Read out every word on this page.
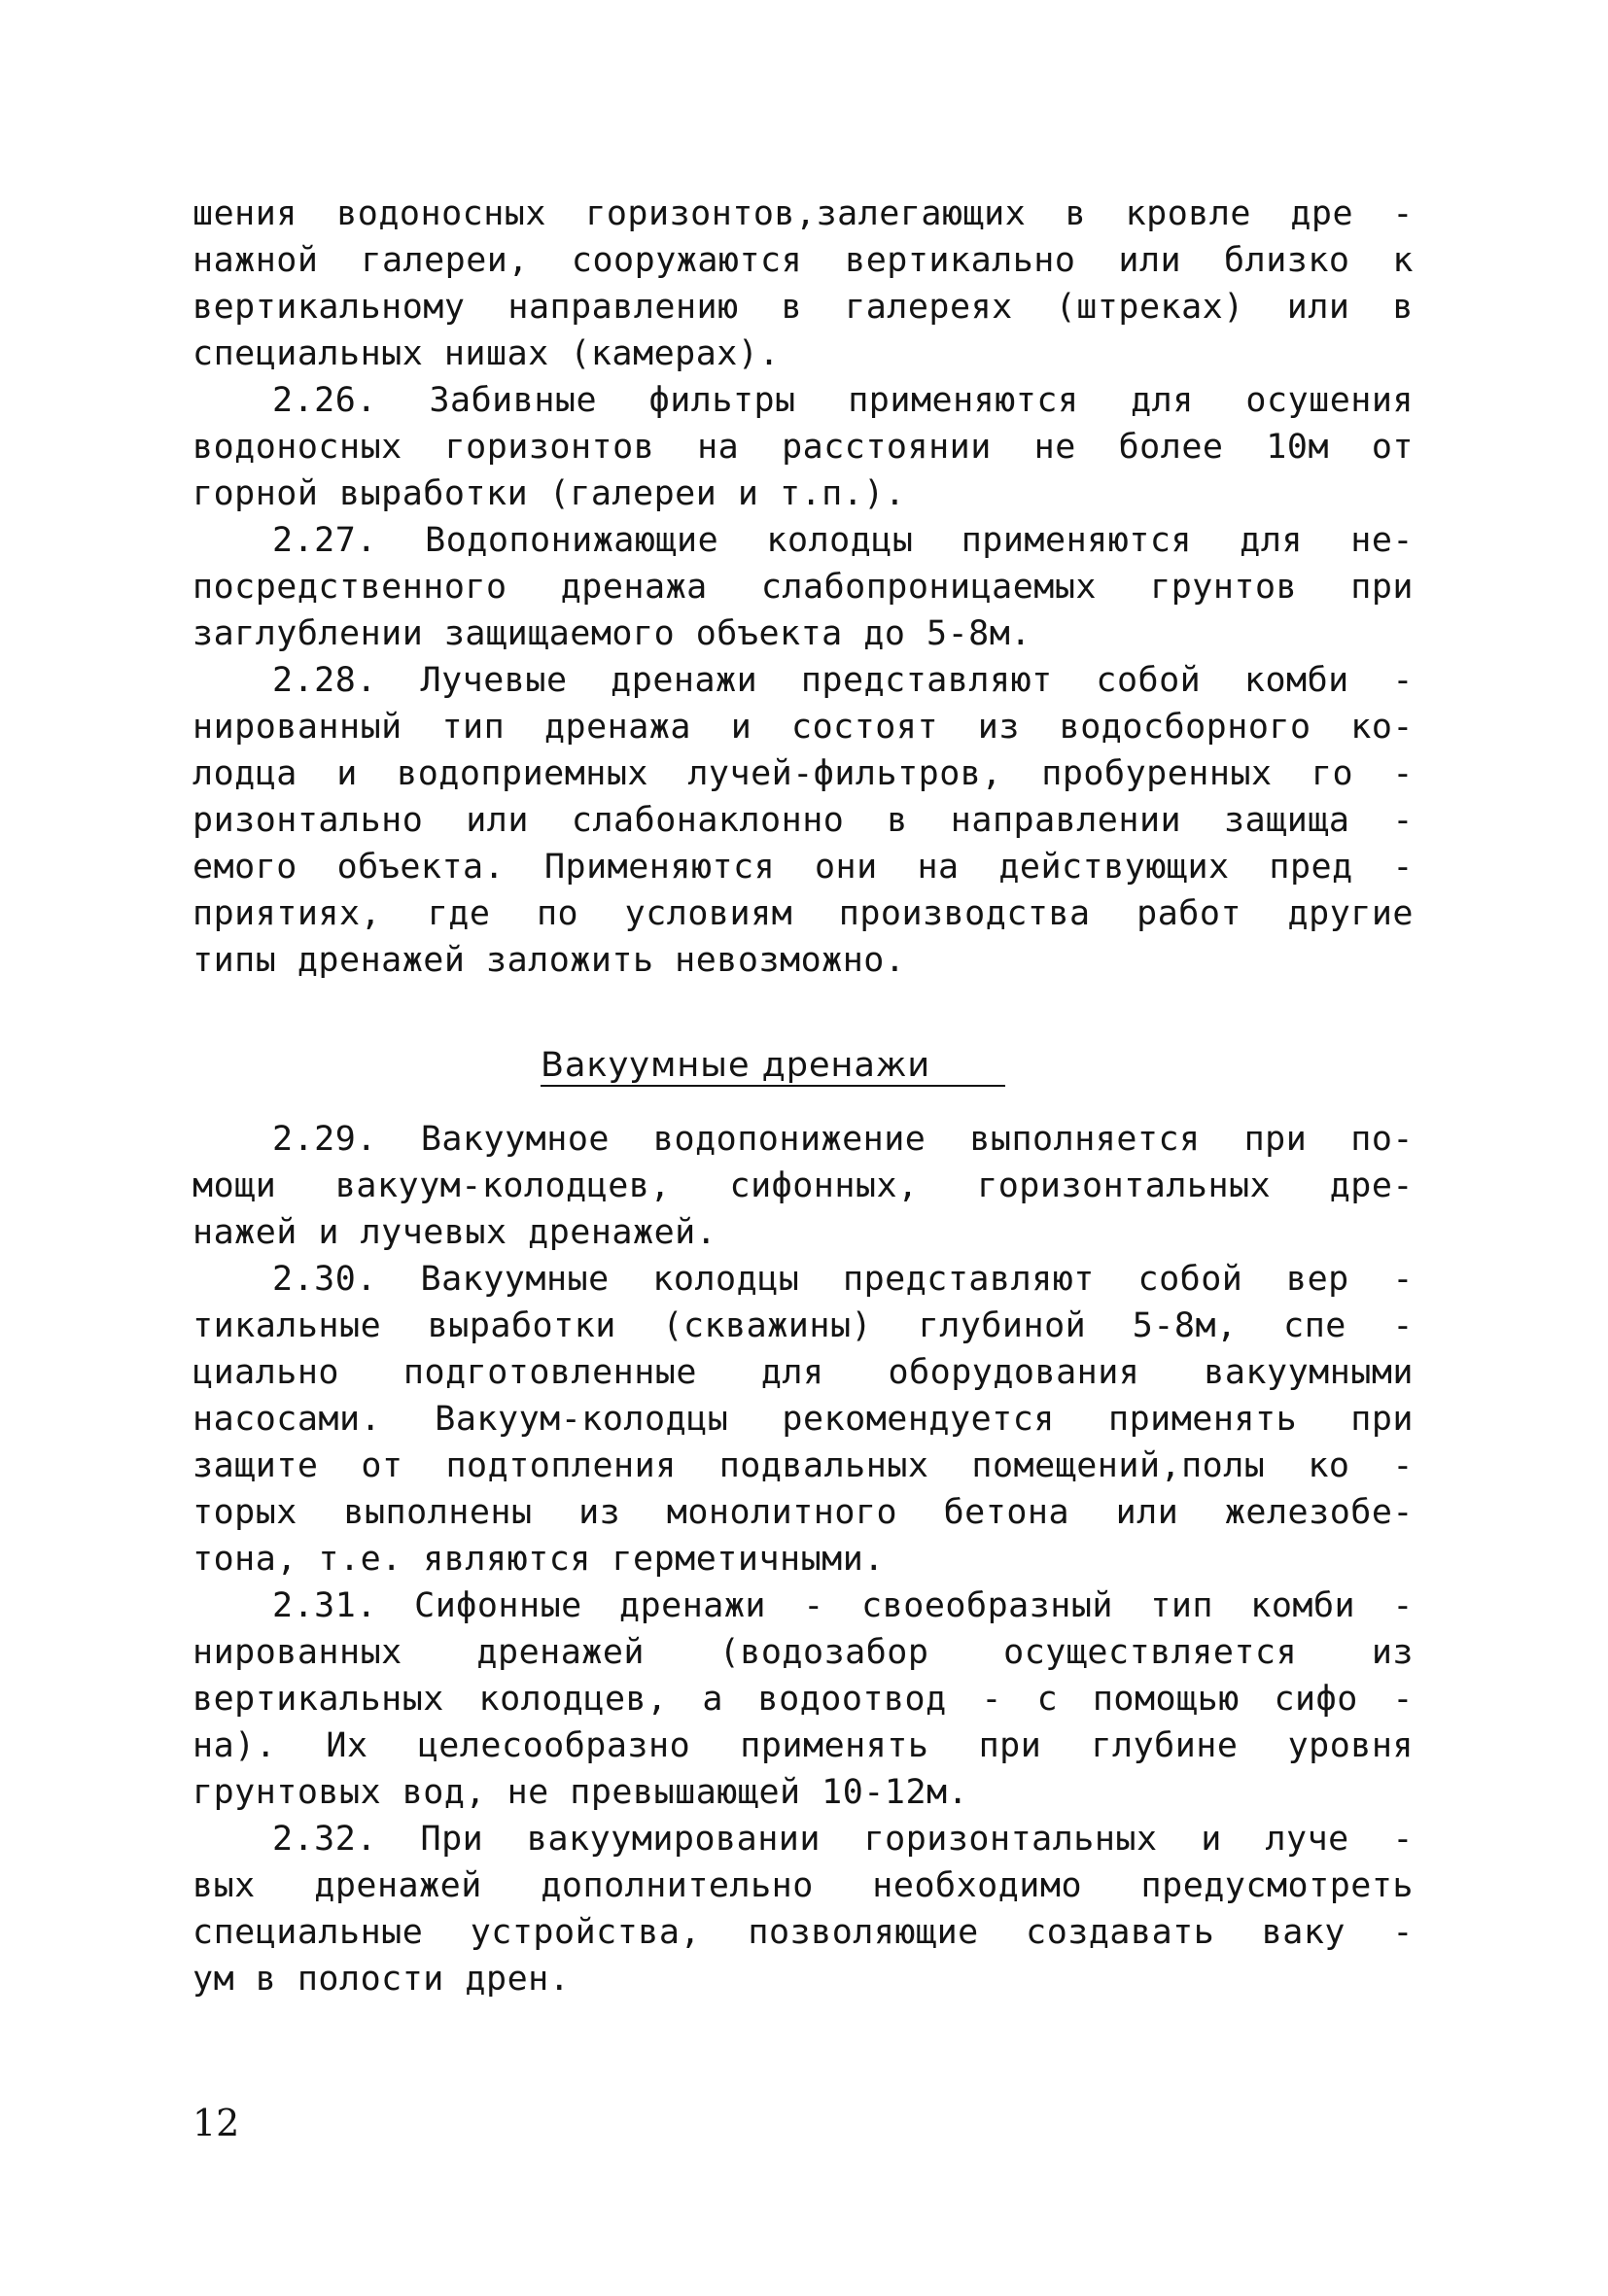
шения водоносных горизонтов,залегающих в кровле дре -
нажной галереи, сооружаются вертикально или близко к
вертикальному направлению в галереях (штреках) или в
специальных нишах (камерах).
2.26. Забивные фильтры применяются для осушения
водоносных горизонтов на расстоянии не более 10м от
горной выработки (галереи и т.п.).
2.27. Водопонижающие колодцы применяются для не-
посредственного дренажа слабопроницаемых грунтов при
заглублении защищаемого объекта до 5-8м.
2.28. Лучевые дренажи представляют собой комби -
нированный тип дренажа и состоят из водосборного ко-
лодца и водоприемных лучей-фильтров, пробуренных го -
ризонтально или слабонаклонно в направлении защища -
емого объекта. Применяются они на действующих пред -
приятиях, где по условиям производства работ другие
типы дренажей заложить невозможно.
Вакуумные дренажи
2.29. Вакуумное водопонижение выполняется при по-
мощи вакуум-колодцев, сифонных, горизонтальных дре-
нажей и лучевых дренажей.
2.30. Вакуумные колодцы представляют собой вер -
тикальные выработки (скважины) глубиной 5-8м, спе -
циально подготовленные для оборудования вакуумными
насосами. Вакуум-колодцы рекомендуется применять при
защите от подтопления подвальных помещений,полы ко -
торых выполнены из монолитного бетона или железобе-
тона, т.е. являются герметичными.
2.31. Сифонные дренажи - своеобразный тип комби -
нированных дренажей (водозабор осуществляется из
вертикальных колодцев, а водоотвод - с помощью сифо -
на). Их целесообразно применять при глубине уровня
грунтовых вод, не превышающей 10-12м.
2.32. При вакуумировании горизонтальных и луче -
вых дренажей дополнительно необходимо предусмотреть
специальные устройства, позволяющие создавать ваку -
ум в полости дрен.
12
